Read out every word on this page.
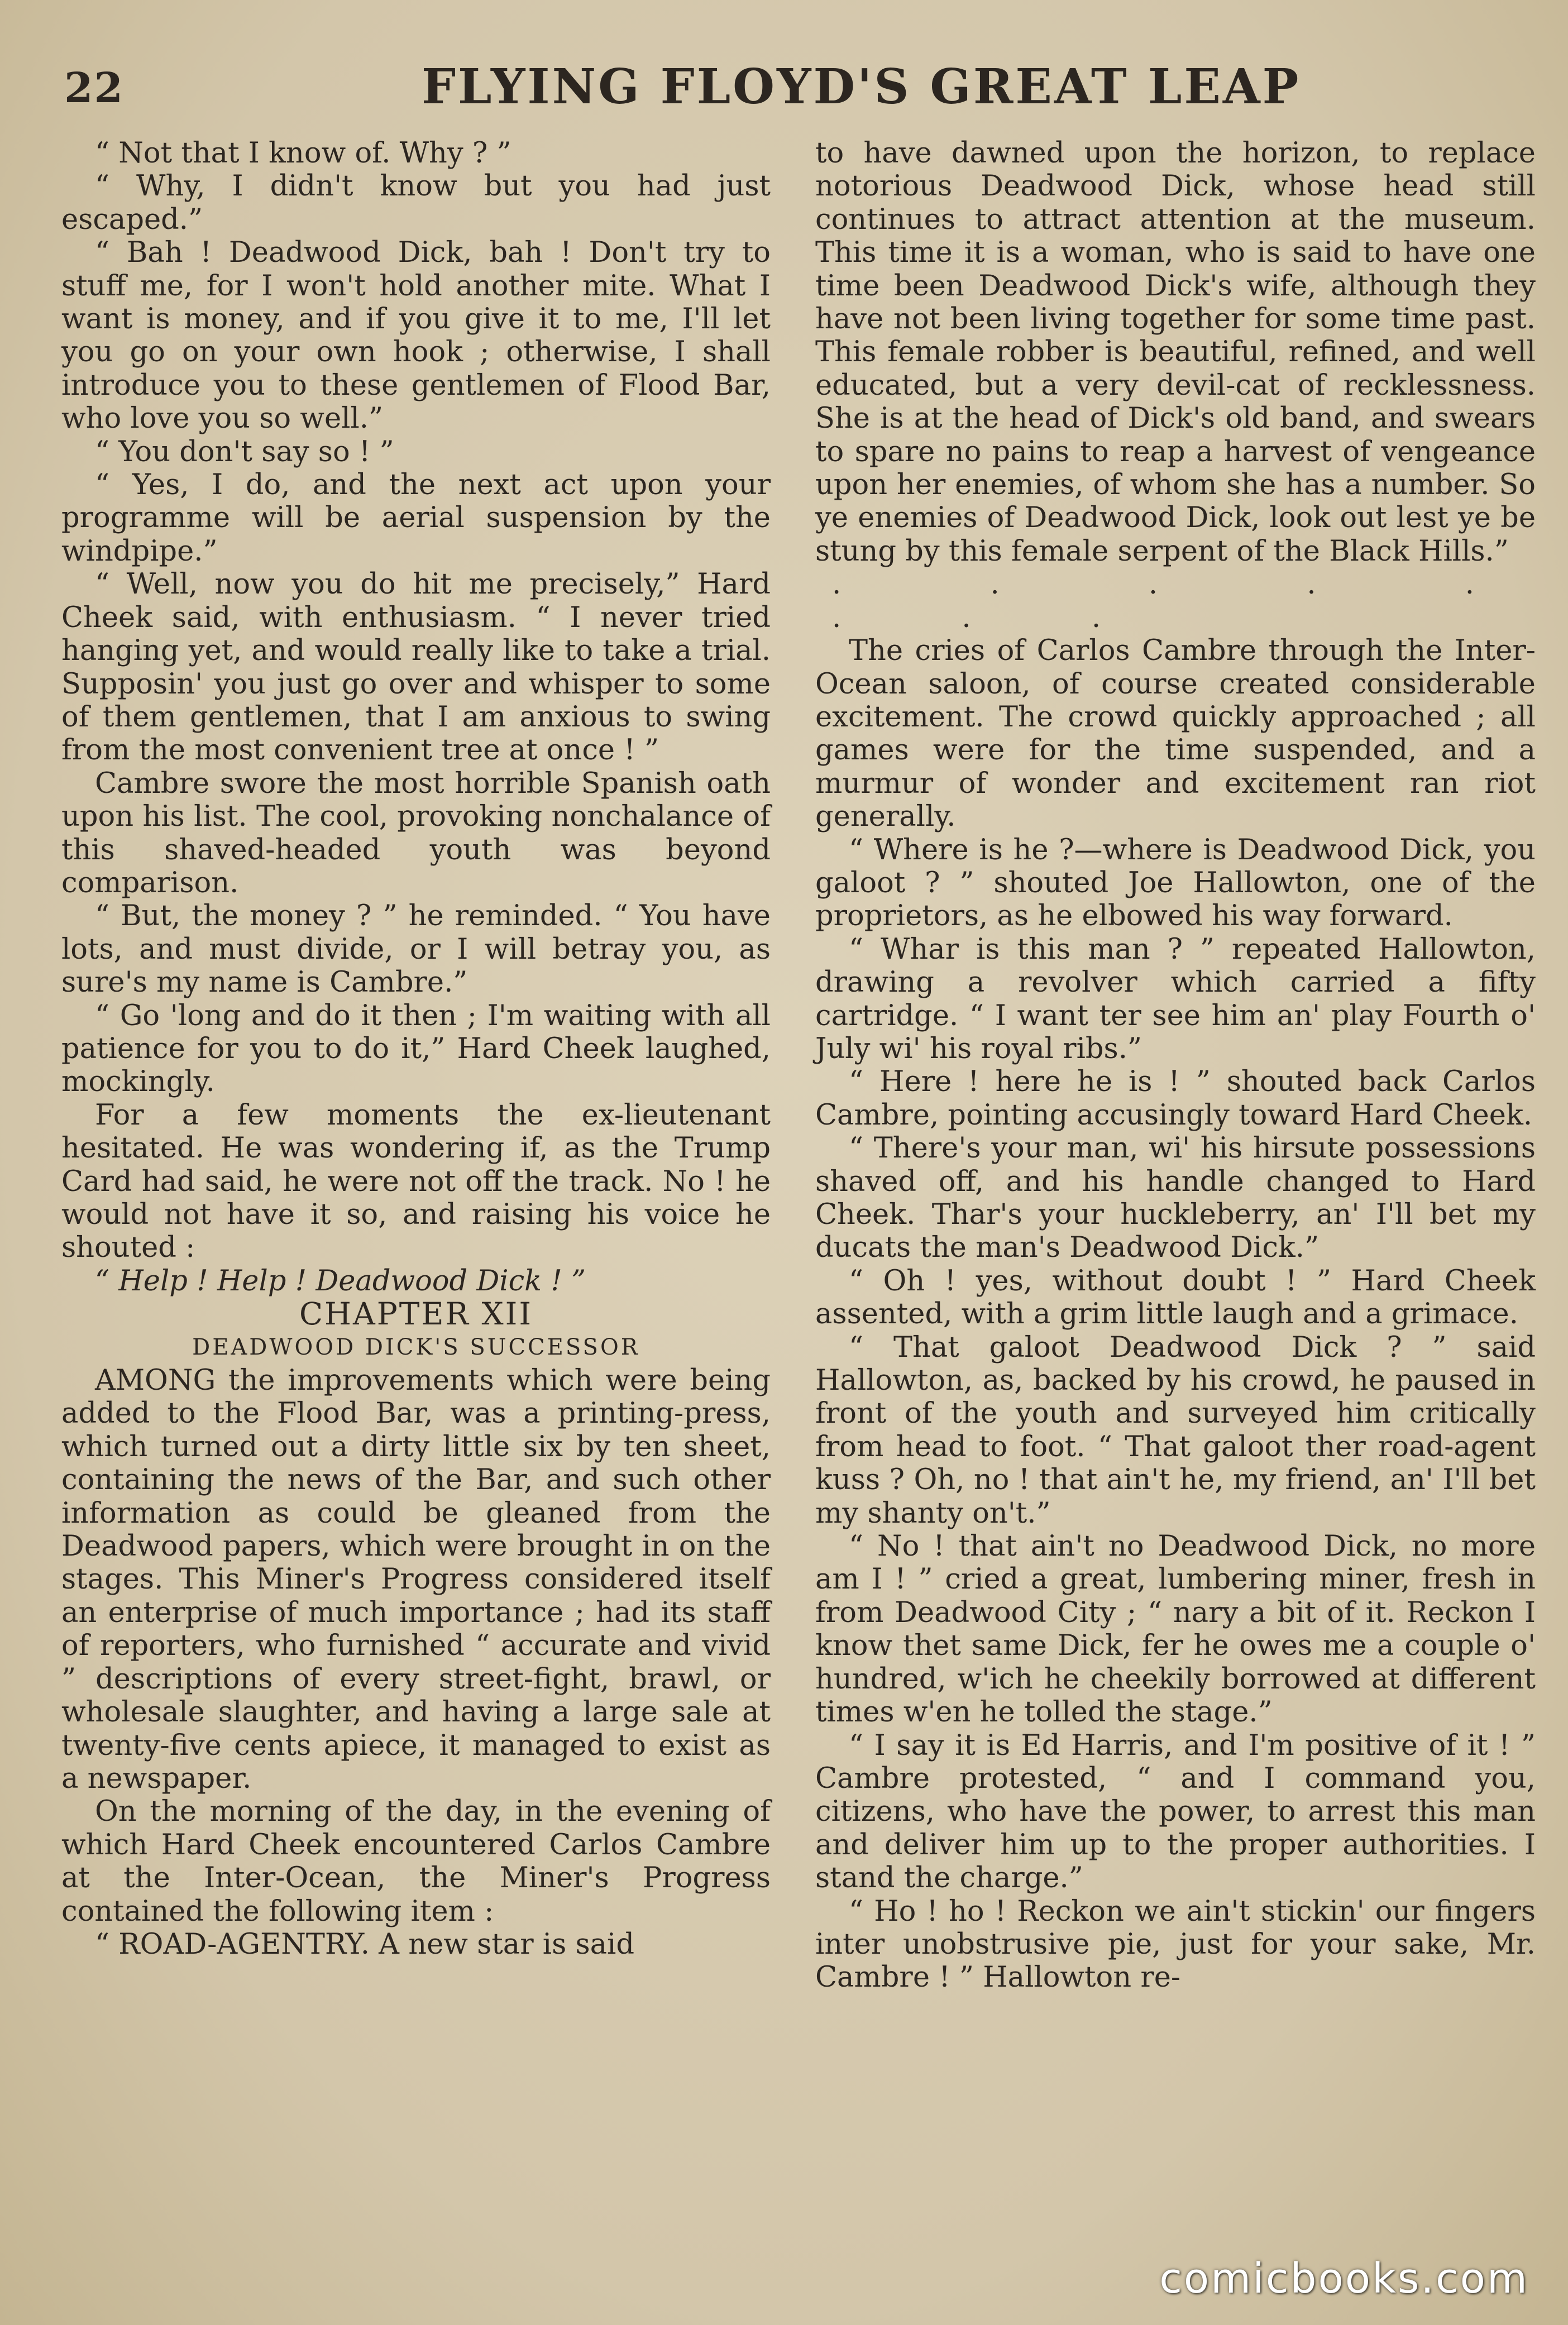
22	FLYING FLOYD'S GREAT LEAP

“ Not that I know of. Why ? ”

“ Why, I didn't know but you had just escaped.”

“ Bah ! Deadwood Dick, bah ! Don't try to stuff me, for I won't hold another mite. What I want is money, and if you give it to me, I'll let you go on your own hook ; otherwise, I shall introduce you to these gentlemen of Flood Bar, who love you so well.”

“ You don't say so ! ”

“ Yes, I do, and the next act upon your programme will be aerial suspension by the windpipe.”

“ Well, now you do hit me precisely,” Hard Cheek said, with enthusiasm. “ I never tried hanging yet, and would really like to take a trial. Supposin' you just go over and whisper to some of them gentlemen, that I am anxious to swing from the most convenient tree at once ! ”

Cambre swore the most horrible Spanish oath upon his list. The cool, provoking nonchalance of this shaved-headed youth was beyond comparison.

“ But, the money ? ” he reminded. “ You have lots, and must divide, or I will betray you, as sure's my name is Cambre.”

“ Go 'long and do it then ; I'm waiting with all patience for you to do it,” Hard Cheek laughed, mockingly.

For a few moments the ex-lieutenant hesitated. He was wondering if, as the Trump Card had said, he were not off the track. No ! he would not have it so, and raising his voice he shouted :

“ Help ! Help ! Deadwood Dick ! ”

CHAPTER XII

DEADWOOD DICK'S SUCCESSOR

AMONG the improvements which were being added to the Flood Bar, was a printing-press, which turned out a dirty little six by ten sheet, containing the news of the Bar, and such other information as could be gleaned from the Deadwood papers, which were brought in on the stages. This Miner's Progress considered itself an enterprise of much importance ; had its staff of reporters, who furnished “ accurate and vivid ” descriptions of every street-fight, brawl, or wholesale slaughter, and having a large sale at twenty-five cents apiece, it managed to exist as a newspaper.

On the morning of the day, in the evening of which Hard Cheek encountered Carlos Cambre at the Inter-Ocean, the Miner's Progress contained the following item :

“ ROAD-AGENTRY. A new star is said

to have dawned upon the horizon, to replace notorious Deadwood Dick, whose head still continues to attract attention at the museum. This time it is a woman, who is said to have one time been Deadwood Dick's wife, although they have not been living together for some time past. This female robber is beautiful, refined, and well educated, but a very devil-cat of recklessness. She is at the head of Dick's old band, and swears to spare no pains to reap a harvest of vengeance upon her enemies, of whom she has a number. So ye enemies of Deadwood Dick, look out lest ye be stung by this female serpent of the Black Hills.”

. . . . . . . .

The cries of Carlos Cambre through the Inter-Ocean saloon, of course created considerable excitement. The crowd quickly approached ; all games were for the time suspended, and a murmur of wonder and excitement ran riot generally.

“ Where is he ?—where is Deadwood Dick, you galoot ? ” shouted Joe Hallowton, one of the proprietors, as he elbowed his way forward.

“ Whar is this man ? ” repeated Hallowton, drawing a revolver which carried a fifty cartridge. “ I want ter see him an' play Fourth o' July wi' his royal ribs.”

“ Here ! here he is ! ” shouted back Carlos Cambre, pointing accusingly toward Hard Cheek.

“ There's your man, wi' his hirsute possessions shaved off, and his handle changed to Hard Cheek. Thar's your huckleberry, an' I'll bet my ducats the man's Deadwood Dick.”

“ Oh ! yes, without doubt ! ” Hard Cheek assented, with a grim little laugh and a grimace.

“ That galoot Deadwood Dick ? ” said Hallowton, as, backed by his crowd, he paused in front of the youth and surveyed him critically from head to foot. “ That galoot ther road-agent kuss ? Oh, no ! that ain't he, my friend, an' I'll bet my shanty on't.”

“ No ! that ain't no Deadwood Dick, no more am I ! ” cried a great, lumbering miner, fresh in from Deadwood City ; “ nary a bit of it. Reckon I know thet same Dick, fer he owes me a couple o' hundred, w'ich he cheekily borrowed at different times w'en he tolled the stage.”

“ I say it is Ed Harris, and I'm positive of it ! ” Cambre protested, “ and I command you, citizens, who have the power, to arrest this man and deliver him up to the proper authorities. I stand the charge.”

“ Ho ! ho ! Reckon we ain't stickin' our fingers inter unobstrusive pie, just for your sake, Mr. Cambre ! ” Hallowton re-

comicbooks.com
